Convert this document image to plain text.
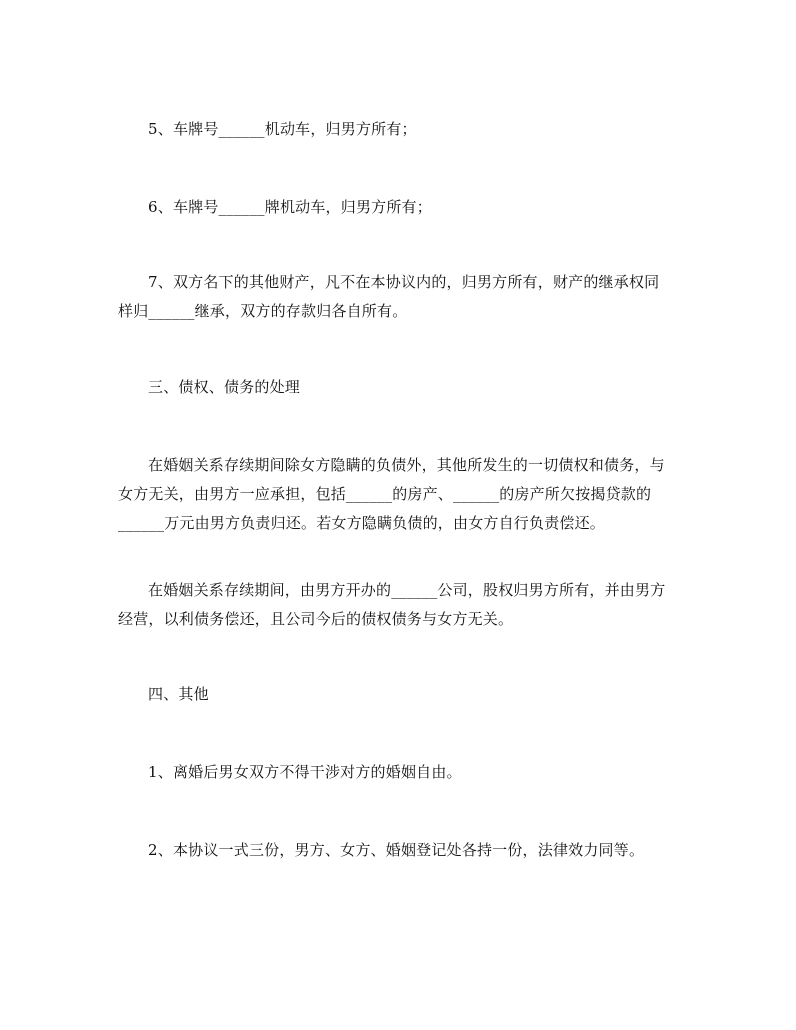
5、车牌号______机动车，归男方所有；

6、车牌号______牌机动车，归男方所有；

7、双方名下的其他财产，凡不在本协议内的，归男方所有，财产的继承权同
样归______继承，双方的存款归各自所有。

三、债权、债务的处理

在婚姻关系存续期间除女方隐瞒的负债外，其他所发生的一切债权和债务，与
女方无关，由男方一应承担，包括______的房产、______的房产所欠按揭贷款的
______万元由男方负责归还。若女方隐瞒负债的，由女方自行负责偿还。

在婚姻关系存续期间，由男方开办的______公司，股权归男方所有，并由男方
经营，以利债务偿还，且公司今后的债权债务与女方无关。

四、其他

1、离婚后男女双方不得干涉对方的婚姻自由。

2、本协议一式三份，男方、女方、婚姻登记处各持一份，法律效力同等。
